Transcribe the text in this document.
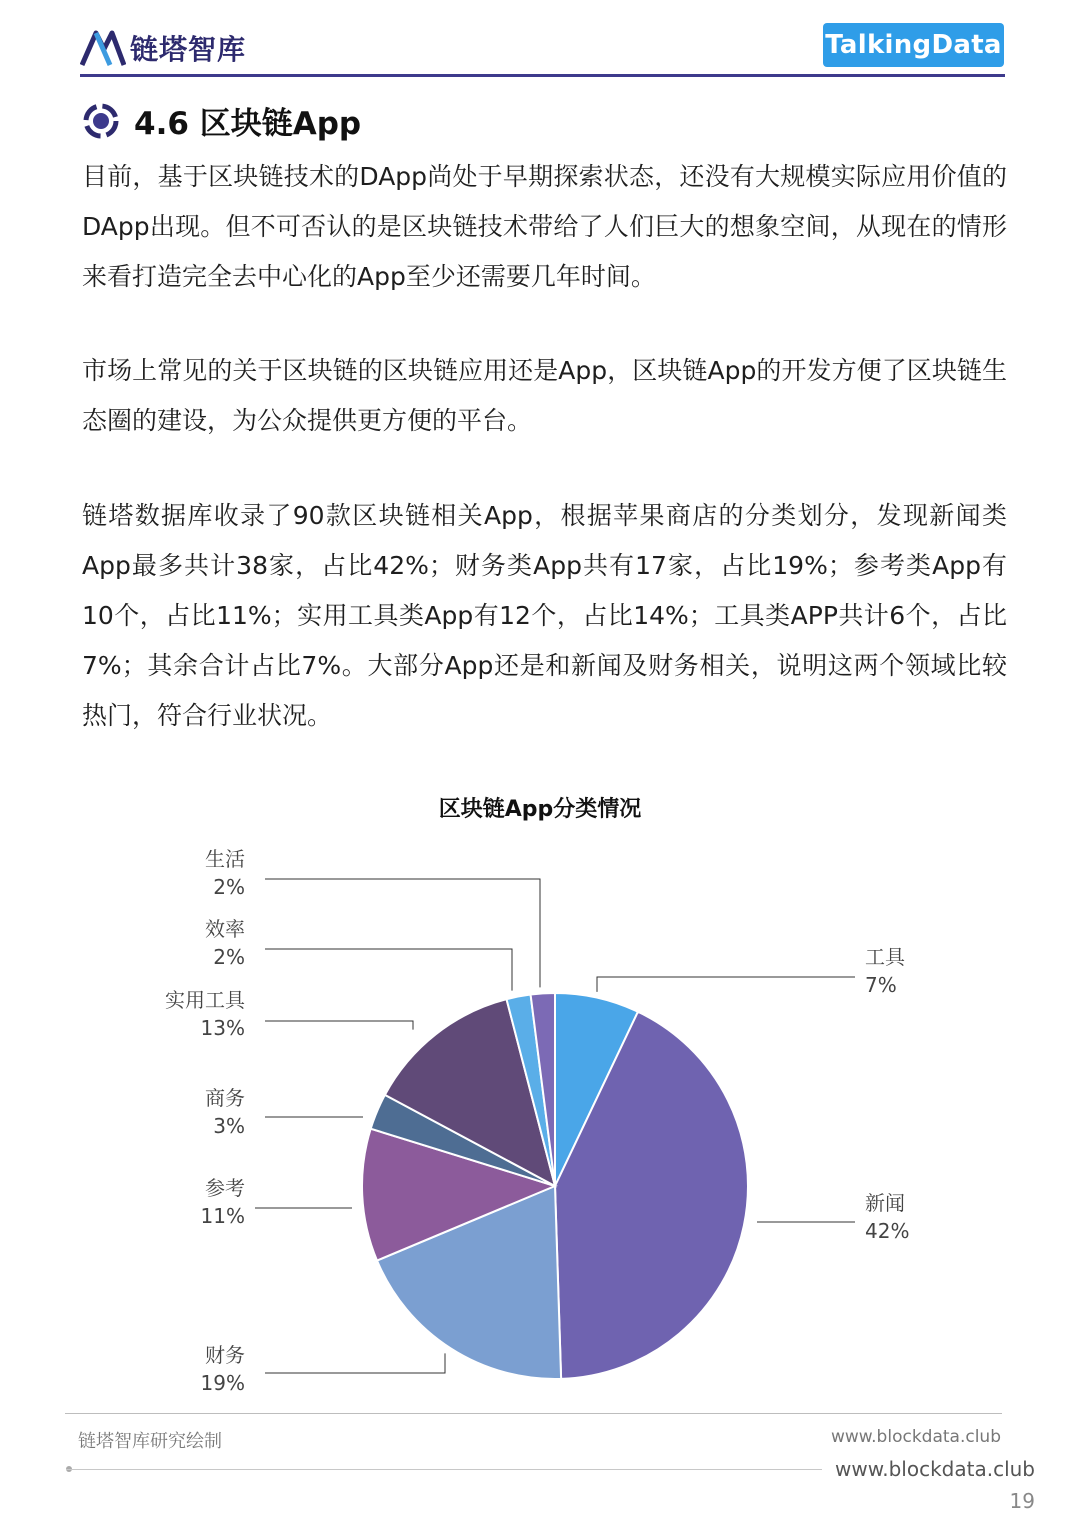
链塔智库	TalkingData
4.6 区块链App
目前，基于区块链技术的DApp尚处于早期探索状态，还没有大规模实际应用价值的DApp出现。但不可否认的是区块链技术带给了人们巨大的想象空间，从现在的情形来看打造完全去中心化的App至少还需要几年时间。
市场上常见的关于区块链的区块链应用还是App，区块链App的开发方便了区块链生态圈的建设，为公众提供更方便的平台。
链塔数据库收录了90款区块链相关App，根据苹果商店的分类划分，发现新闻类App最多共计38家，占比42%；财务类App共有17家，占比19%；参考类App有10个，占比11%；实用工具类App有12个，占比14%；工具类APP共计6个，占比7%；其余合计占比7%。大部分App还是和新闻及财务相关，说明这两个领域比较热门，符合行业状况。
区块链App分类情况
工具
7%
新闻
42%
财务
19%
参考
11%
商务
3%
实用工具
13%
效率
2%
生活
2%
链塔智库研究绘制	www.blockdata.club
www.blockdata.club
19
